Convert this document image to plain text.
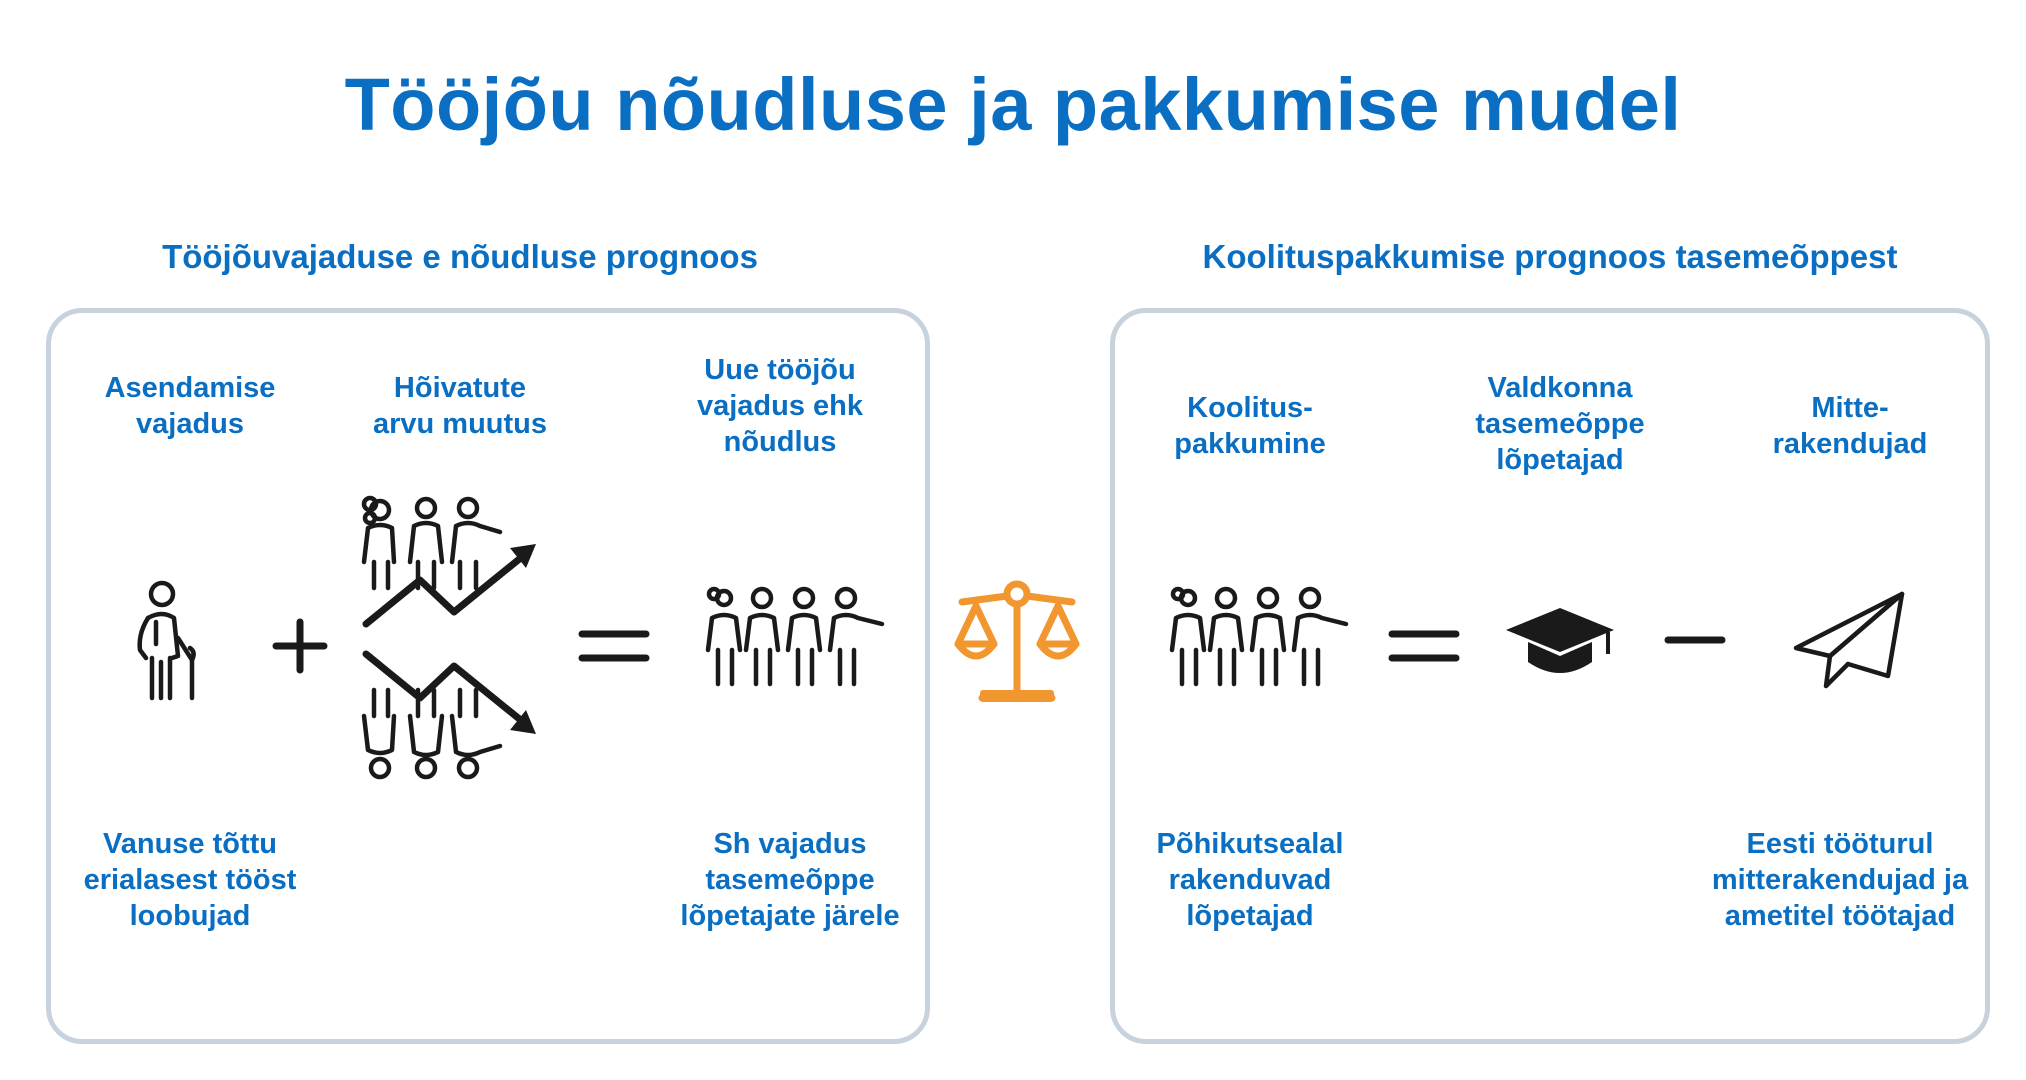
Tööjõu nõudluse ja pakkumise mudel
Tööjõuvajaduse e nõudluse prognoos	Koolituspakkumise prognoos tasemeõppest
Asendamise
vajadus
Hõivatute
arvu muutus
Uue tööjõu
vajadus ehk
nõudlus
Vanuse tõttu
erialasest tööst
loobujad
Sh vajadus
tasemeõppe
lõpetajate järele
Koolitus-
pakkumine
Valdkonna
tasemeõppe
lõpetajad
Mitte-
rakendujad
Põhikutsealal
rakenduvad
lõpetajad
Eesti tööturul
mitterakendujad ja
ametitel töötajad
